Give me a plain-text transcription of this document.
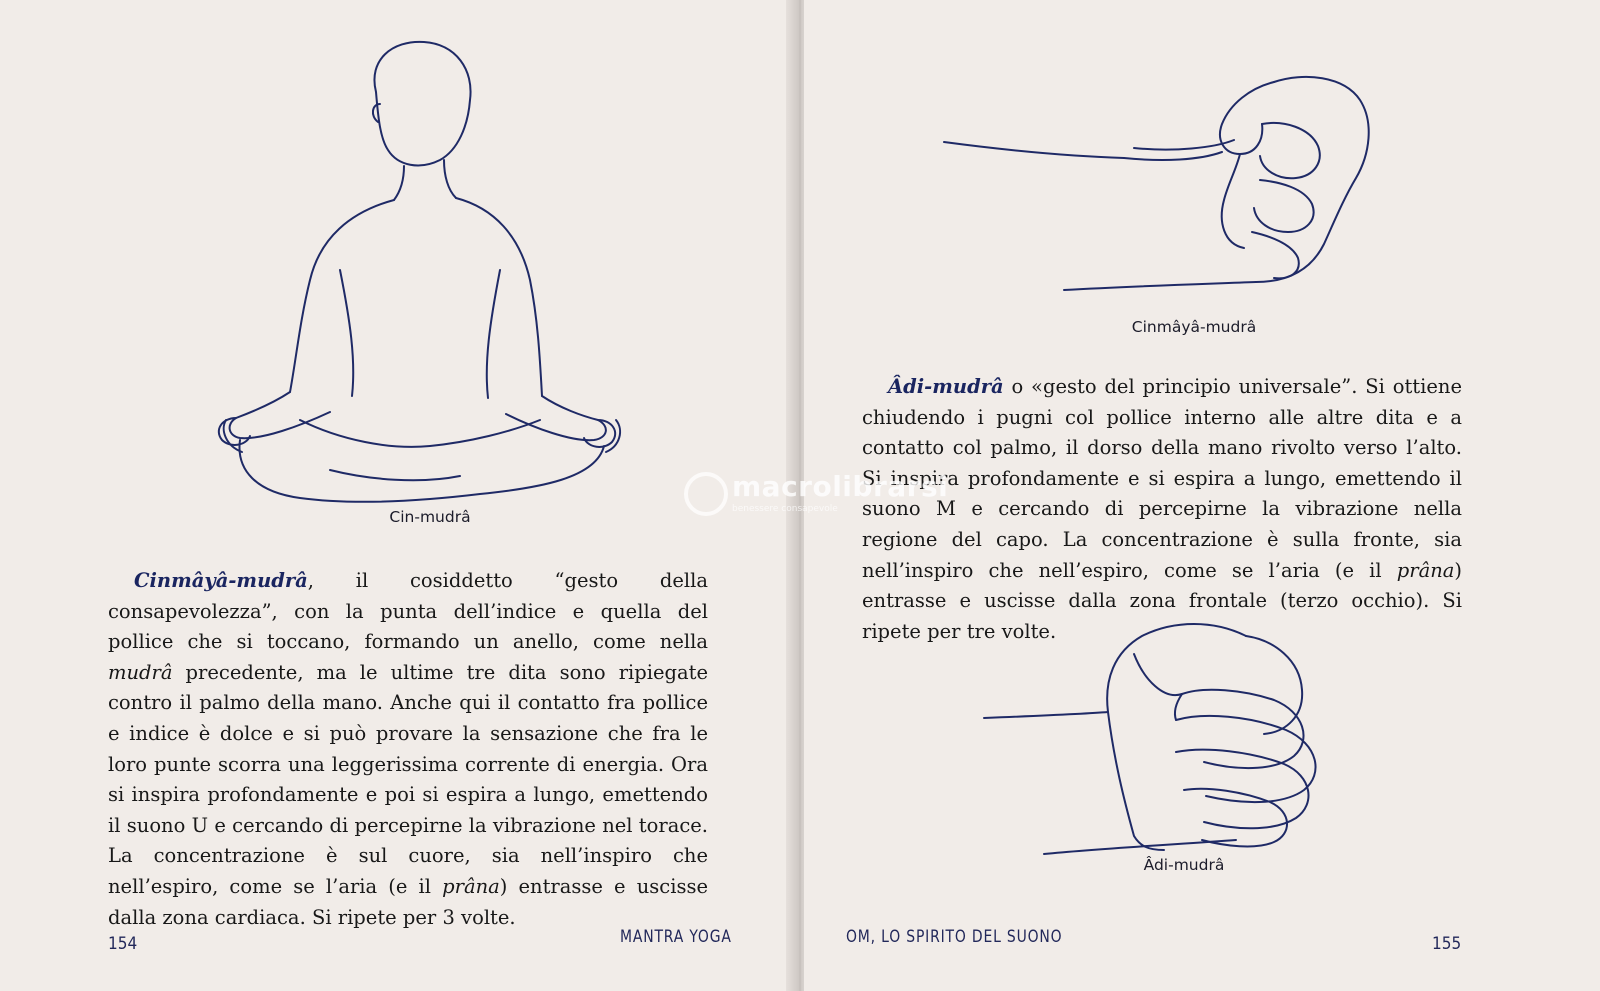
Cin-mudrâ

Cinmâyâ-mudrâ, il cosiddetto “gesto della consapevolezza”, con la punta dell’indice e quella del pollice che si toccano, formando un anello, come nella mudrâ precedente, ma le ultime tre dita sono ripiegate contro il palmo della mano. Anche qui il contatto fra pollice e indice è dolce e si può provare la sensazione che fra le loro punte scorra una leggerissima corrente di energia. Ora si inspira profondamente e poi si espira a lungo, emettendo il suono U e cercando di percepirne la vibrazione nel torace. La concentrazione è sul cuore, sia nell’inspiro che nell’espiro, come se l’aria (e il prâna) entrasse e uscisse dalla zona cardiaca. Si ripete per 3 volte.

154	MANTRA YOGA
Cinmâyâ-mudrâ

Âdi-mudrâ o «gesto del principio universale”. Si ottiene chiudendo i pugni col pollice interno alle altre dita e a contatto col palmo, il dorso della mano rivolto verso l’alto. Si inspira profondamente e si espira a lungo, emettendo il suono M e cercando di percepirne la vibrazione nella regione del capo. La concentrazione è sulla fronte, sia nell’inspiro che nell’espiro, come se l’aria (e il prâna) entrasse e uscisse dalla zona frontale (terzo occhio). Si ripete per tre volte.

Âdi-mudrâ
OM, LO SPIRITO DEL SUONO	155
macrolibrarsi
benessere consapevole
